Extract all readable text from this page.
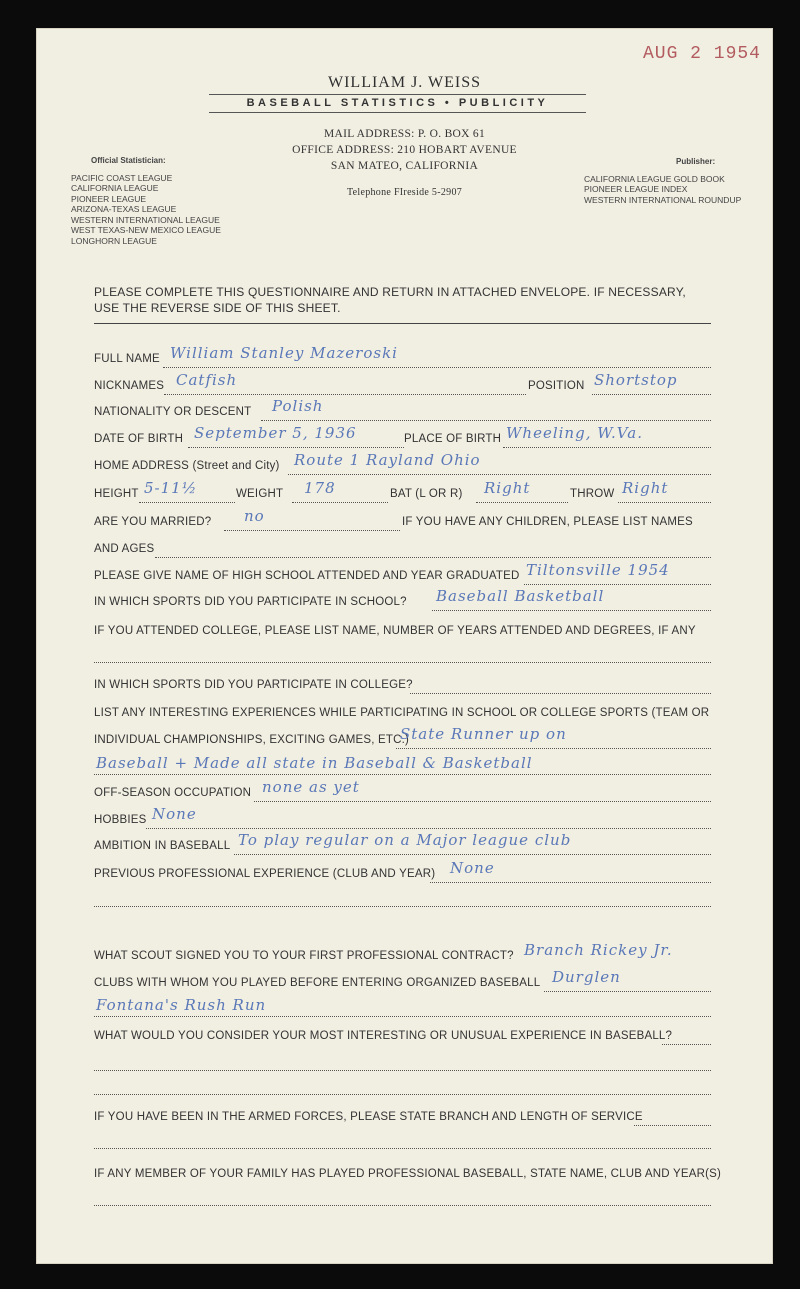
AUG 2 1954
WILLIAM J. WEISS
BASEBALL STATISTICS • PUBLICITY
MAIL ADDRESS: P. O. BOX 61
OFFICE ADDRESS: 210 HOBART AVENUE
SAN MATEO, CALIFORNIA
Telephone FIreside 5-2907
Official Statistician:
PACIFIC COAST LEAGUE
CALIFORNIA LEAGUE
PIONEER LEAGUE
ARIZONA-TEXAS LEAGUE
WESTERN INTERNATIONAL LEAGUE
WEST TEXAS-NEW MEXICO LEAGUE
LONGHORN LEAGUE
Publisher:
CALIFORNIA LEAGUE GOLD BOOK
PIONEER LEAGUE INDEX
WESTERN INTERNATIONAL ROUNDUP
PLEASE COMPLETE THIS QUESTIONNAIRE AND RETURN IN ATTACHED ENVELOPE. IF NECESSARY, USE THE REVERSE SIDE OF THIS SHEET.
FULL NAME William Stanley Mazeroski
NICKNAMES Catfish	POSITION Shortstop
NATIONALITY OR DESCENT Polish
DATE OF BIRTH September 5, 1936	PLACE OF BIRTH Wheeling, W.Va.
HOME ADDRESS (Street and City) Route 1 Rayland Ohio
HEIGHT 5-11½	WEIGHT 178	BAT (L OR R) Right	THROW Right
ARE YOU MARRIED? no	IF YOU HAVE ANY CHILDREN, PLEASE LIST NAMES
AND AGES
PLEASE GIVE NAME OF HIGH SCHOOL ATTENDED AND YEAR GRADUATED Tiltonsville 1954
IN WHICH SPORTS DID YOU PARTICIPATE IN SCHOOL? Baseball Basketball
IF YOU ATTENDED COLLEGE, PLEASE LIST NAME, NUMBER OF YEARS ATTENDED AND DEGREES, IF ANY
IN WHICH SPORTS DID YOU PARTICIPATE IN COLLEGE?
LIST ANY INTERESTING EXPERIENCES WHILE PARTICIPATING IN SCHOOL OR COLLEGE SPORTS (TEAM OR
INDIVIDUAL CHAMPIONSHIPS, EXCITING GAMES, ETC.)
State Runner up on
Baseball + Made all state in Baseball & Basketball
OFF-SEASON OCCUPATION none as yet
HOBBIES None
AMBITION IN BASEBALL To play regular on a Major league club
PREVIOUS PROFESSIONAL EXPERIENCE (CLUB AND YEAR) None
WHAT SCOUT SIGNED YOU TO YOUR FIRST PROFESSIONAL CONTRACT? Branch Rickey Jr.
CLUBS WITH WHOM YOU PLAYED BEFORE ENTERING ORGANIZED BASEBALL Durglen
Fontana's Rush Run
WHAT WOULD YOU CONSIDER YOUR MOST INTERESTING OR UNUSUAL EXPERIENCE IN BASEBALL?
IF YOU HAVE BEEN IN THE ARMED FORCES, PLEASE STATE BRANCH AND LENGTH OF SERVICE
IF ANY MEMBER OF YOUR FAMILY HAS PLAYED PROFESSIONAL BASEBALL, STATE NAME, CLUB AND YEAR(S)
